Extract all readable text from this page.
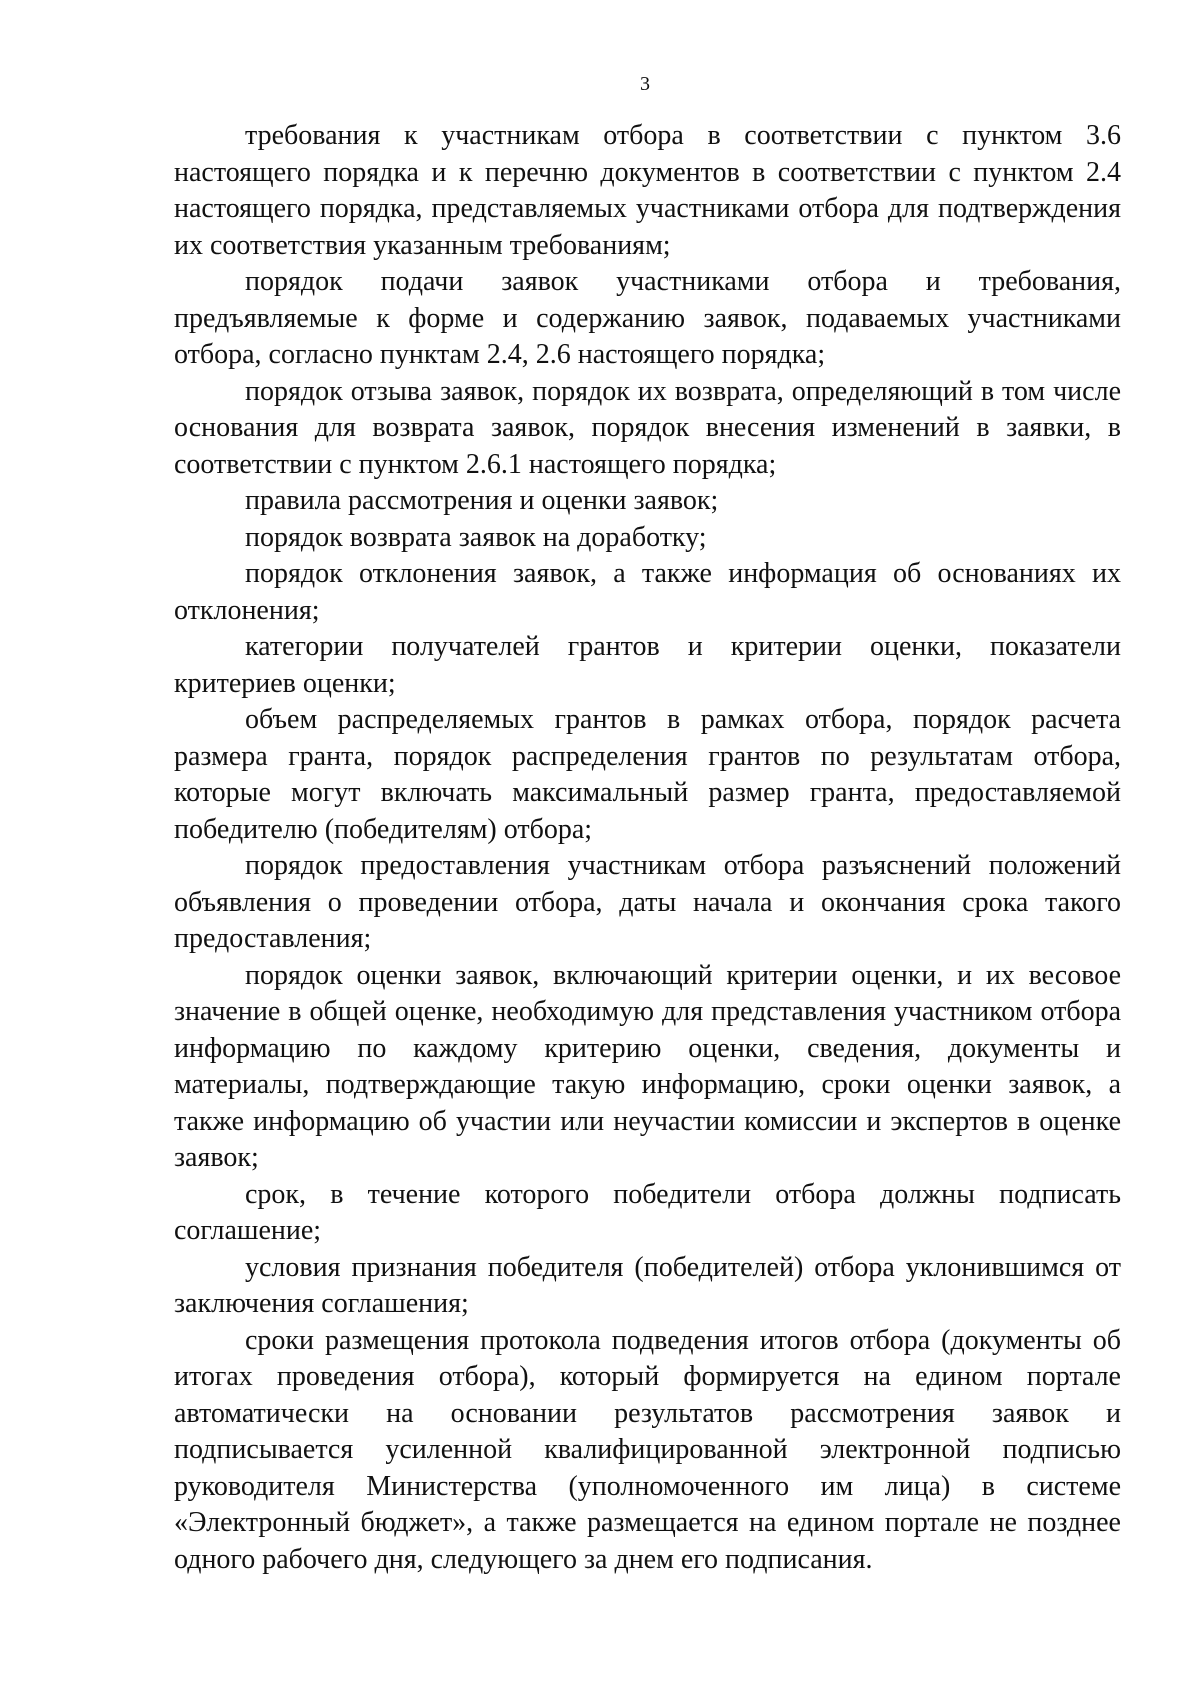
3

требования к участникам отбора в соответствии с пунктом 3.6 настоящего порядка и к перечню документов в соответствии с пунктом 2.4 настоящего порядка, представляемых участниками отбора для подтверждения их соответствия указанным требованиям;

порядок подачи заявок участниками отбора и требования, предъявляемые к форме и содержанию заявок, подаваемых участниками отбора, согласно пунктам 2.4, 2.6 настоящего порядка;

порядок отзыва заявок, порядок их возврата, определяющий в том числе основания для возврата заявок, порядок внесения изменений в заявки, в соответствии с пунктом 2.6.1 настоящего порядка;

правила рассмотрения и оценки заявок;

порядок возврата заявок на доработку;

порядок отклонения заявок, а также информация об основаниях их отклонения;

категории получателей грантов и критерии оценки, показатели критериев оценки;

объем распределяемых грантов в рамках отбора, порядок расчета размера гранта, порядок распределения грантов по результатам отбора, которые могут включать максимальный размер гранта, предоставляемой победителю (победителям) отбора;

порядок предоставления участникам отбора разъяснений положений объявления о проведении отбора, даты начала и окончания срока такого предоставления;

порядок оценки заявок, включающий критерии оценки, и их весовое значение в общей оценке, необходимую для представления участником отбора информацию по каждому критерию оценки, сведения, документы и материалы, подтверждающие такую информацию, сроки оценки заявок, а также информацию об участии или неучастии комиссии и экспертов в оценке заявок;

срок, в течение которого победители отбора должны подписать соглашение;

условия признания победителя (победителей) отбора уклонившимся от заключения соглашения;

сроки размещения протокола подведения итогов отбора (документы об итогах проведения отбора), который формируется на едином портале автоматически на основании результатов рассмотрения заявок и подписывается усиленной квалифицированной электронной подписью руководителя Министерства (уполномоченного им лица) в системе «Электронный бюджет», а также размещается на едином портале не позднее одного рабочего дня, следующего за днем его подписания.
